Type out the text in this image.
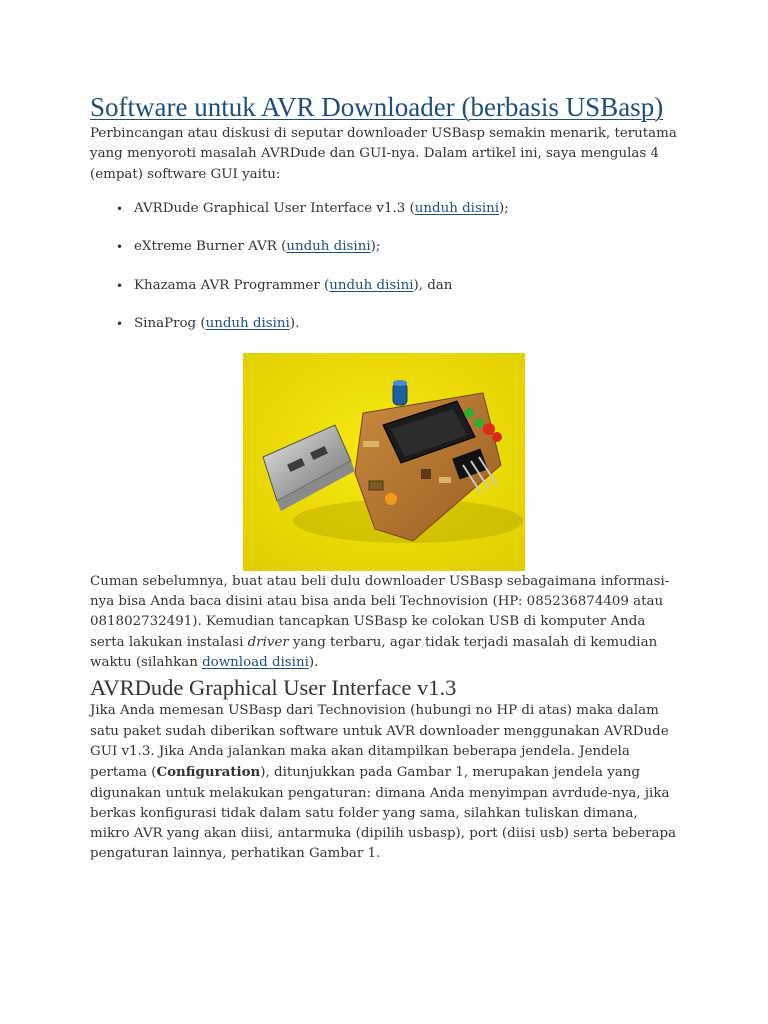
Software untuk AVR Downloader (berbasis USBasp)

Perbincangan atau diskusi di seputar downloader USBasp semakin menarik, terutama yang menyoroti masalah AVRDude dan GUI-nya. Dalam artikel ini, saya mengulas 4 (empat) software GUI yaitu:

• AVRDude Graphical User Interface v1.3 (unduh disini);
• eXtreme Burner AVR (unduh disini);
• Khazama AVR Programmer (unduh disini), dan
• SinaProg (unduh disini).

Cuman sebelumnya, buat atau beli dulu downloader USBasp sebagaimana informasi-nya bisa Anda baca disini atau bisa anda beli Technovision (HP: 085236874409 atau 081802732491). Kemudian tancapkan USBasp ke colokan USB di komputer Anda serta lakukan instalasi driver yang terbaru, agar tidak terjadi masalah di kemudian waktu (silahkan download disini).

AVRDude Graphical User Interface v1.3

Jika Anda memesan USBasp dari Technovision (hubungi no HP di atas) maka dalam satu paket sudah diberikan software untuk AVR downloader menggunakan AVRDude GUI v1.3. Jika Anda jalankan maka akan ditampilkan beberapa jendela. Jendela pertama (Configuration), ditunjukkan pada Gambar 1, merupakan jendela yang digunakan untuk melakukan pengaturan: dimana Anda menyimpan avrdude-nya, jika berkas konfigurasi tidak dalam satu folder yang sama, silahkan tuliskan dimana, mikro AVR yang akan diisi, antarmuka (dipilih usbasp), port (diisi usb) serta beberapa pengaturan lainnya, perhatikan Gambar 1.
